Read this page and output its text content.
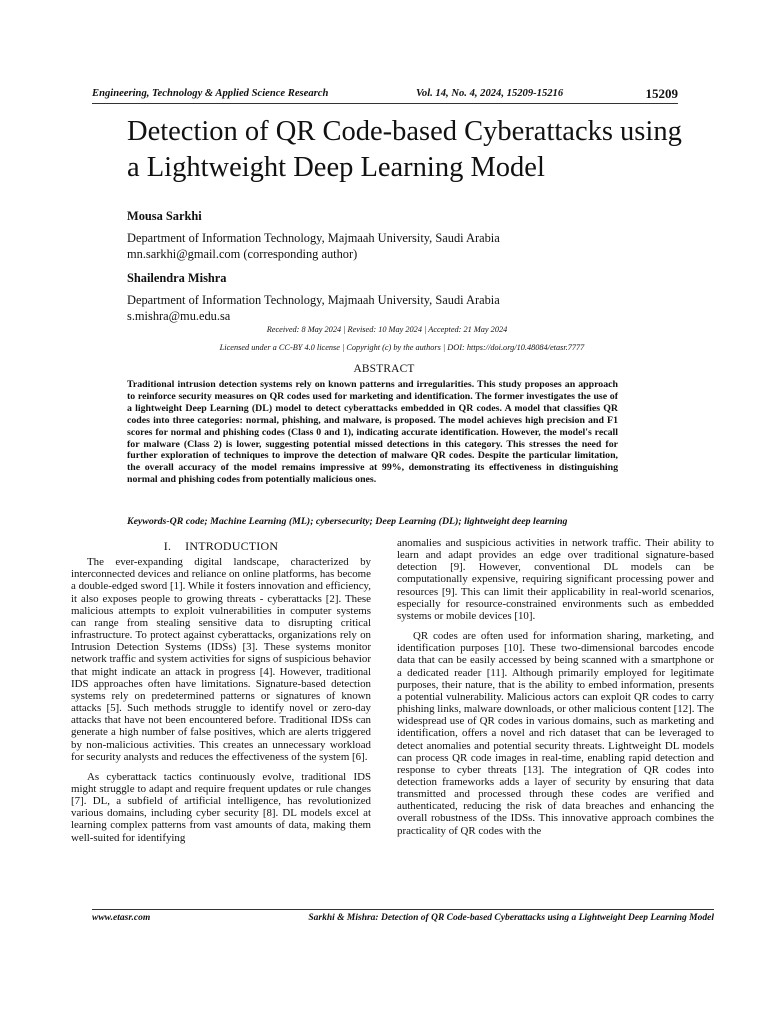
Engineering, Technology & Applied Science Research	Vol. 14, No. 4, 2024, 15209-15216	15209
Detection of QR Code-based Cyberattacks using a Lightweight Deep Learning Model
Mousa Sarkhi
Department of Information Technology, Majmaah University, Saudi Arabia
mn.sarkhi@gmail.com (corresponding author)
Shailendra Mishra
Department of Information Technology, Majmaah University, Saudi Arabia
s.mishra@mu.edu.sa
Received: 8 May 2024 | Revised: 10 May 2024 | Accepted: 21 May 2024
Licensed under a CC-BY 4.0 license | Copyright (c) by the authors | DOI: https://doi.org/10.48084/etasr.7777
ABSTRACT

Traditional intrusion detection systems rely on known patterns and irregularities. This study proposes an approach to reinforce security measures on QR codes used for marketing and identification. The former investigates the use of a lightweight Deep Learning (DL) model to detect cyberattacks embedded in QR codes. A model that classifies QR codes into three categories: normal, phishing, and malware, is proposed. The model achieves high precision and F1 scores for normal and phishing codes (Class 0 and 1), indicating accurate identification. However, the model's recall for malware (Class 2) is lower, suggesting potential missed detections in this category. This stresses the need for further exploration of techniques to improve the detection of malware QR codes. Despite the particular limitation, the overall accuracy of the model remains impressive at 99%, demonstrating its effectiveness in distinguishing normal and phishing codes from potentially malicious ones.

Keywords-QR code; Machine Learning (ML); cybersecurity; Deep Learning (DL); lightweight deep learning
I. INTRODUCTION

The ever-expanding digital landscape, characterized by interconnected devices and reliance on online platforms, has become a double-edged sword [1]. While it fosters innovation and efficiency, it also exposes people to growing threats - cyberattacks [2]. These malicious attempts to exploit vulnerabilities in computer systems can range from stealing sensitive data to disrupting critical infrastructure. To protect against cyberattacks, organizations rely on Intrusion Detection Systems (IDSs) [3]. These systems monitor network traffic and system activities for signs of suspicious behavior that might indicate an attack in progress [4]. However, traditional IDS approaches often have limitations. Signature-based detection systems rely on predetermined patterns or signatures of known attacks [5]. Such methods struggle to identify novel or zero-day attacks that have not been encountered before. Traditional IDSs can generate a high number of false positives, which are alerts triggered by non-malicious activities. This creates an unnecessary workload for security analysts and reduces the effectiveness of the system [6].

As cyberattack tactics continuously evolve, traditional IDS might struggle to adapt and require frequent updates or rule changes [7]. DL, a subfield of artificial intelligence, has revolutionized various domains, including cyber security [8]. DL models excel at learning complex patterns from vast amounts of data, making them well-suited for identifying

anomalies and suspicious activities in network traffic. Their ability to learn and adapt provides an edge over traditional signature-based detection [9]. However, conventional DL models can be computationally expensive, requiring significant processing power and resources [9]. This can limit their applicability in real-world scenarios, especially for resource-constrained environments such as embedded systems or mobile devices [10].

QR codes are often used for information sharing, marketing, and identification purposes [10]. These two-dimensional barcodes encode data that can be easily accessed by being scanned with a smartphone or a dedicated reader [11]. Although primarily employed for legitimate purposes, their nature, that is the ability to embed information, presents a potential vulnerability. Malicious actors can exploit QR codes to carry phishing links, malware downloads, or other malicious content [12]. The widespread use of QR codes in various domains, such as marketing and identification, offers a novel and rich dataset that can be leveraged to detect anomalies and potential security threats. Lightweight DL models can process QR code images in real-time, enabling rapid detection and response to cyber threats [13]. The integration of QR codes into detection frameworks adds a layer of security by ensuring that data transmitted and processed through these codes are verified and authenticated, reducing the risk of data breaches and enhancing the overall robustness of the IDSs. This innovative approach combines the practicality of QR codes with the

www.etasr.com	Sarkhi & Mishra: Detection of QR Code-based Cyberattacks using a Lightweight Deep Learning Model
